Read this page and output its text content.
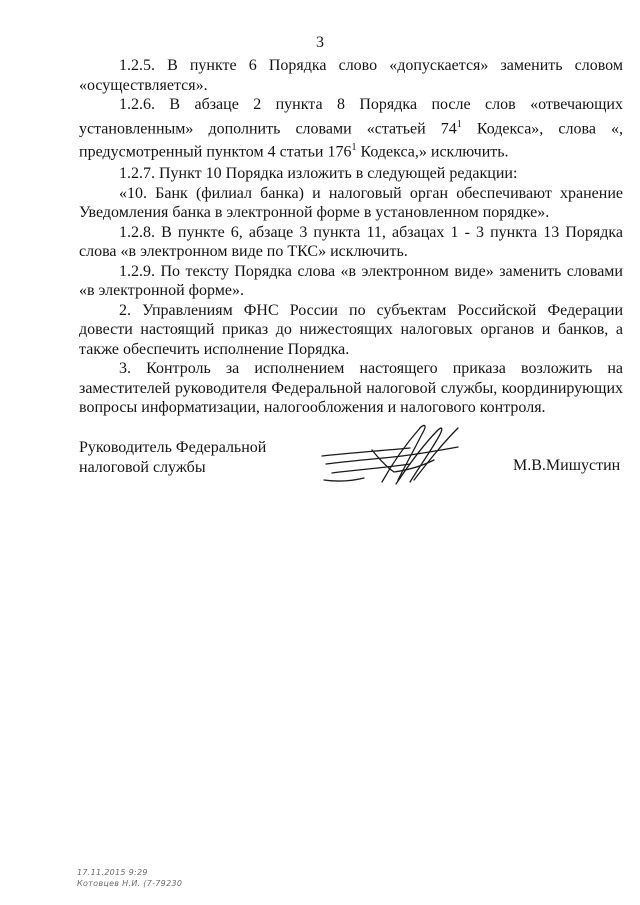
3

1.2.5. В пункте 6 Порядка слово «допускается» заменить словом «осуществляется».

1.2.6. В абзаце 2 пункта 8 Порядка после слов «отвечающих установленным» дополнить словами «статьей $74^1$ Кодекса», слова «, предусмотренный пунктом 4 статьи $176^1$ Кодекса,» исключить.

1.2.7. Пункт 10 Порядка изложить в следующей редакции:

«10. Банк (филиал банка) и налоговый орган обеспечивают хранение Уведомления банка в электронной форме в установленном порядке».

1.2.8. В пункте 6, абзаце 3 пункта 11, абзацах 1 - 3 пункта 13 Порядка слова «в электронном виде по ТКС» исключить.

1.2.9. По тексту Порядка слова «в электронном виде» заменить словами «в электронной форме».

2. Управлениям ФНС России по субъектам Российской Федерации довести настоящий приказ до нижестоящих налоговых органов и банков, а также обеспечить исполнение Порядка.

3. Контроль за исполнением настоящего приказа возложить на заместителей руководителя Федеральной налоговой службы, координирующих вопросы информатизации, налогообложения и налогового контроля.

Руководитель Федеральной
налоговой службы	М.В.Мишустин
17.11.2015 9:29
Котовцев Н.И. (7-79230
